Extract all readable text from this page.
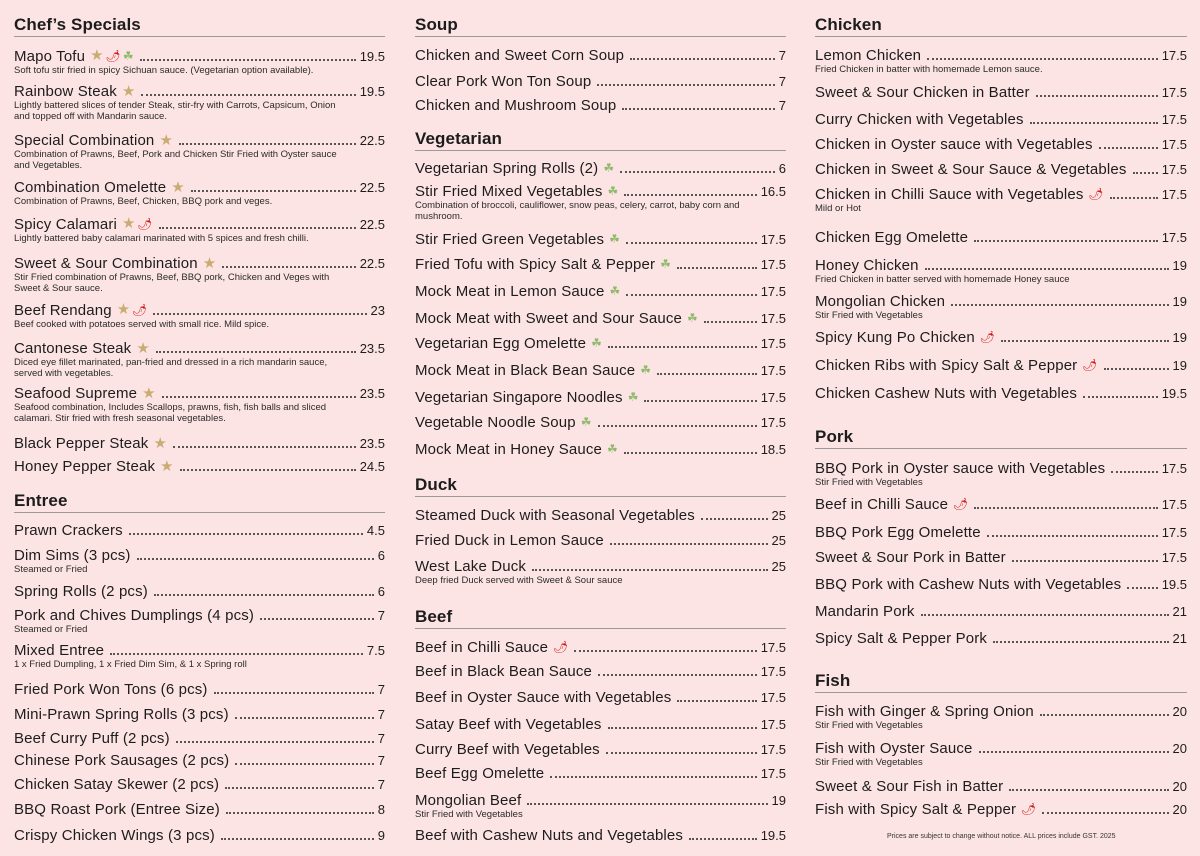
Chef’s Specials
Mapo Tofu ★ 🌶︎ ☘	19.5
Soft tofu stir fried in spicy Sichuan sauce. (Vegetarian option available).
Rainbow Steak ★	19.5
Lightly battered slices of tender Steak, stir-fry with Carrots, Capsicum, Onion and topped off with Mandarin sauce.
Special Combination ★	22.5
Combination of Prawns, Beef, Pork and Chicken Stir Fried with Oyster sauce and Vegetables.
Combination Omelette ★	22.5
Combination of Prawns, Beef, Chicken, BBQ pork and veges.
Spicy Calamari ★ 🌶︎	22.5
Lightly battered baby calamari marinated with 5 spices and fresh chilli.
Sweet & Sour Combination ★	22.5
Stir Fried combination of Prawns, Beef, BBQ pork, Chicken and Veges with Sweet & Sour sauce.
Beef Rendang ★ 🌶︎	23
Beef cooked with potatoes served with small rice. Mild spice.
Cantonese Steak ★	23.5
Diced eye fillet marinated, pan-fried and dressed in a rich mandarin sauce, served with vegetables.
Seafood Supreme ★	23.5
Seafood combination, Includes Scallops, prawns, fish, fish balls and sliced calamari. Stir fried with fresh seasonal vegetables.
Black Pepper Steak ★	23.5
Honey Pepper Steak ★	24.5
Entree
Prawn Crackers	4.5
Dim Sims (3 pcs)	6
Steamed or Fried
Spring Rolls (2 pcs)	6
Pork and Chives Dumplings (4 pcs)	7
Steamed or Fried
Mixed Entree	7.5
1 x Fried Dumpling, 1 x Fried Dim Sim, & 1 x Spring roll
Fried Pork Won Tons (6 pcs)	7
Mini-Prawn Spring Rolls (3 pcs)	7
Beef Curry Puff (2 pcs)	7
Chinese Pork Sausages (2 pcs)	7
Chicken Satay Skewer (2 pcs)	7
BBQ Roast Pork (Entree Size)	8
Crispy Chicken Wings (3 pcs)	9
Soup
Chicken and Sweet Corn Soup	7
Clear Pork Won Ton Soup	7
Chicken and Mushroom Soup	7
Vegetarian
Vegetarian Spring Rolls (2) ☘	6
Stir Fried Mixed Vegetables ☘	16.5
Combination of broccoli, cauliflower, snow peas, celery, carrot, baby corn and mushroom.
Stir Fried Green Vegetables ☘	17.5
Fried Tofu with Spicy Salt & Pepper ☘	17.5
Mock Meat in Lemon Sauce ☘	17.5
Mock Meat with Sweet and Sour Sauce ☘	17.5
Vegetarian Egg Omelette ☘	17.5
Mock Meat in Black Bean Sauce ☘	17.5
Vegetarian Singapore Noodles ☘	17.5
Vegetable Noodle Soup ☘	17.5
Mock Meat in Honey Sauce ☘	18.5
Duck
Steamed Duck with Seasonal Vegetables	25
Fried Duck in Lemon Sauce	25
West Lake Duck	25
Deep fried Duck served with Sweet & Sour sauce
Beef
Beef in Chilli Sauce 🌶︎	17.5
Beef in Black Bean Sauce	17.5
Beef in Oyster Sauce with Vegetables	17.5
Satay Beef with Vegetables	17.5
Curry Beef with Vegetables	17.5
Beef Egg Omelette	17.5
Mongolian Beef	19
Stir Fried with Vegetables
Beef with Cashew Nuts and Vegetables	19.5
Chicken
Lemon Chicken	17.5
Fried Chicken in batter with homemade Lemon sauce.
Sweet & Sour Chicken in Batter	17.5
Curry Chicken with Vegetables	17.5
Chicken in Oyster sauce with Vegetables	17.5
Chicken in Sweet & Sour Sauce & Vegetables	17.5
Chicken in Chilli Sauce with Vegetables 🌶︎	17.5
Mild or Hot
Chicken Egg Omelette	17.5
Honey Chicken	19
Fried Chicken in batter served with homemade Honey sauce
Mongolian Chicken	19
Stir Fried with Vegetables
Spicy Kung Po Chicken 🌶︎	19
Chicken Ribs with Spicy Salt & Pepper 🌶︎	19
Chicken Cashew Nuts with Vegetables	19.5
Pork
BBQ Pork in Oyster sauce with Vegetables	17.5
Stir Fried with Vegetables
Beef in Chilli Sauce 🌶︎	17.5
BBQ Pork Egg Omelette	17.5
Sweet & Sour Pork in Batter	17.5
BBQ Pork with Cashew Nuts with Vegetables	19.5
Mandarin Pork	21
Spicy Salt & Pepper Pork	21
Fish
Fish with Ginger & Spring Onion	20
Stir Fried with Vegetables
Fish with Oyster Sauce	20
Stir Fried with Vegetables
Sweet & Sour Fish in Batter	20
Fish with Spicy Salt & Pepper 🌶︎	20
Prices are subject to change without notice. ALL prices include GST. 2025
